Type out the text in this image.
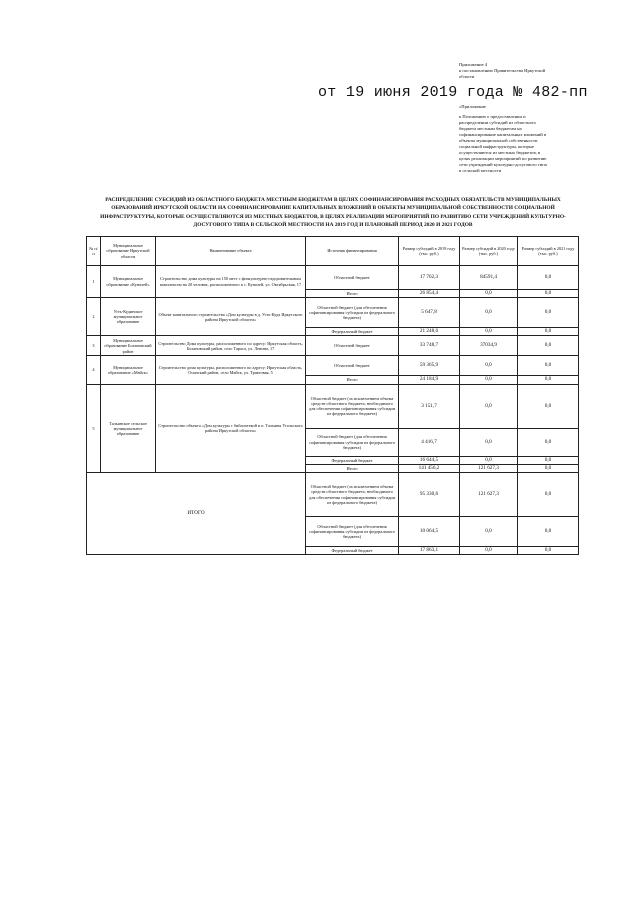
Приложение 4
к постановлению Правительства Иркутской
области
от 19 июня 2019 года № 482-пп
«Приложение
к Положению о предоставлении и
распределении субсидий из областного
бюджета местным бюджетам на
софинансирование капитальных вложений в
объекты муниципальной собственности
социальной инфраструктуры, которые
осуществляются из местных бюджетов, в
целях реализации мероприятий по развитию
сети учреждений культурно-досугового типа
в сельской местности
РАСПРЕДЕЛЕНИЕ СУБСИДИЙ ИЗ ОБЛАСТНОГО БЮДЖЕТА МЕСТНЫМ БЮДЖЕТАМ В ЦЕЛЯХ СОФИНАНСИРОВАНИЯ РАСХОДНЫХ ОБЯЗАТЕЛЬСТВ МУНИЦИПАЛЬНЫХ ОБРАЗОВАНИЙ ИРКУТСКОЙ ОБЛАСТИ НА СОФИНАНСИРОВАНИЕ КАПИТАЛЬНЫХ ВЛОЖЕНИЙ В ОБЪЕКТЫ МУНИЦИПАЛЬНОЙ СОБСТВЕННОСТИ СОЦИАЛЬНОЙ ИНФРАСТРУКТУРЫ, КОТОРЫЕ ОСУЩЕСТВЛЯЮТСЯ ИЗ МЕСТНЫХ БЮДЖЕТОВ, В ЦЕЛЯХ РЕАЛИЗАЦИИ МЕРОПРИЯТИЙ ПО РАЗВИТИЮ СЕТИ УЧРЕЖДЕНИЙ КУЛЬТУРНО-ДОСУГОВОГО ТИПА В СЕЛЬСКОЙ МЕСТНОСТИ НА 2019 ГОД И ПЛАНОВЫЙ ПЕРИОД 2020 И 2021 ГОДОВ
№ п/п	Муниципальное образование Иркутской области	Наименование объекта	Источник финансирования	Размер субсидий в 2019 году (тыс. руб.)	Размер субсидий в 2020 году (тыс. руб.)	Размер субсидий в 2021 году (тыс. руб.)
1	Муниципальное образование «Куналей»	Строительство дома культуры на 150 мест с физкультурно-оздоровительным комплексом на 20 человек, расположенного в с. Куналей, ул. Октябрьская, 17	Областной бюджет	17 762,3	84591,4	0,0
			Итого	26 854,4	0,0	0,0
2	Усть-Кудинское муниципальное образование	Объект капитального строительства «Дом культуры в д. Усть-Куда Иркутского района Иркутской области»	Областной бюджет (для обеспечения софинансирования субсидии из федерального бюджета)	5 647,8	0,0	0,0
			Федеральный бюджет	21 248,6	0,0	0,0
3	Муниципальное образование Бохановский район	Строительство Дома культуры, расположенного по адресу: Иркутская область, Бохановский район, село Тараса, ул. Ленина, 17	Областной бюджет	33 748,7	37034,9	0,0
4	Муниципальное образование «Майск»	Строительство дома культуры, расположенного по адресу: Иркутская область, Осинский район, село Майск, ул. Трактовая, 5	Областной бюджет	59 365,9	0,0	0,0
			Итого	24 184,9	0,0	0,0
5	Тальянское сельское муниципальное образование	Строительство объекта «Дом культуры с библиотекой в п. Тальяны Усольского района Иркутской области»	Областной бюджет (за исключением объема средств областного бюджета, необходимого для обеспечения софинансирования субсидии из федерального бюджета)	3 151,7	0,0	0,0
			Областной бюджет (для обеспечения софинансирования субсидии из федерального бюджета)	4 416,7	0,0	0,0
			Федеральный бюджет	16 644,5	0,0	0,0
			Итого	141 456,2	121 627,3	0,0
ИТОГО			Областной бюджет (за исключением объема средств областного бюджета, необходимого для обеспечения софинансирования субсидии из федерального бюджета)	95 330,6	121 627,3	0,0
			Областной бюджет (для обеспечения софинансирования субсидии из федерального бюджета)	10 064,5	0,0	0,0
			Федеральный бюджет	17 863,1	0,0	0,0
